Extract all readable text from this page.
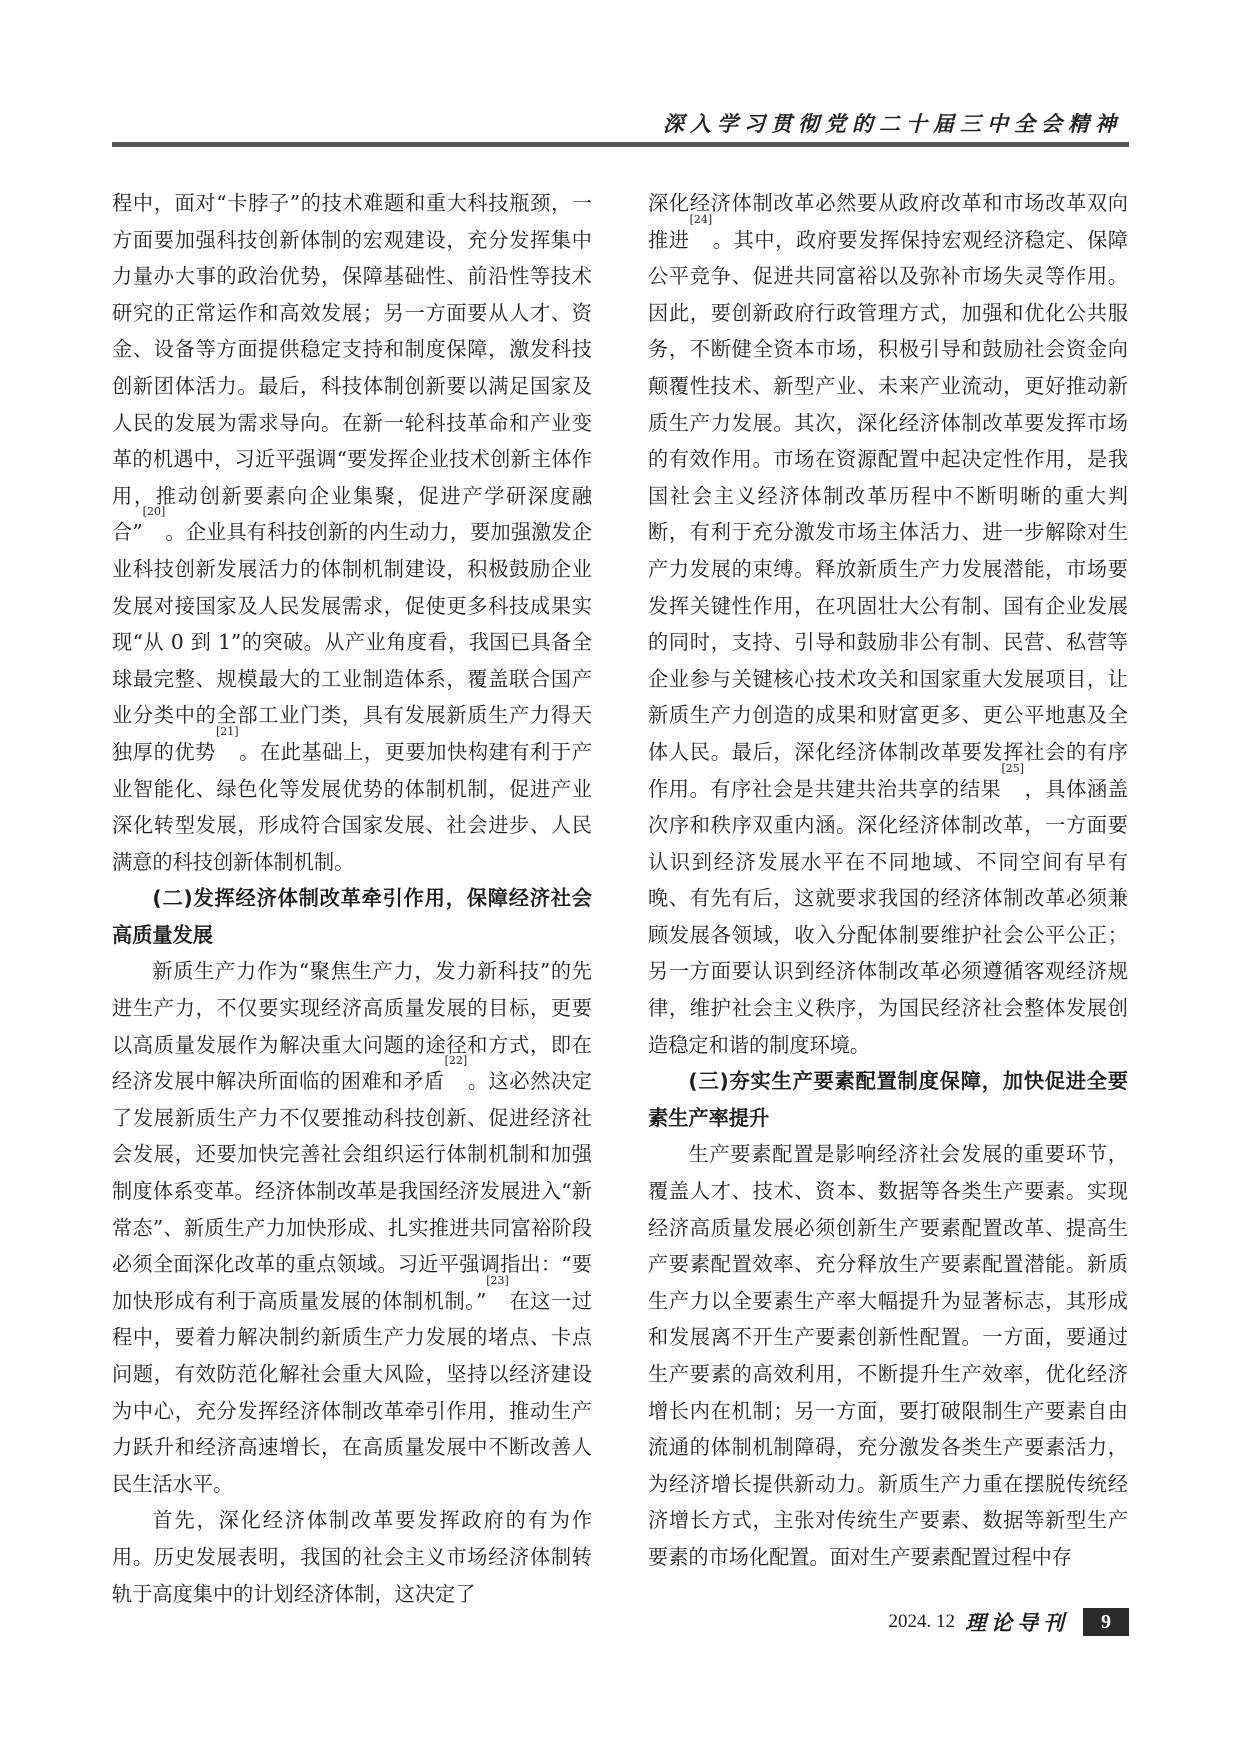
深入学习贯彻党的二十届三中全会精神

程中，面对“卡脖子”的技术难题和重大科技瓶颈，一方面要加强科技创新体制的宏观建设，充分发挥集中力量办大事的政治优势，保障基础性、前沿性等技术研究的正常运作和高效发展；另一方面要从人才、资金、设备等方面提供稳定支持和制度保障，激发科技创新团体活力。最后，科技体制创新要以满足国家及人民的发展为需求导向。在新一轮科技革命和产业变革的机遇中，习近平强调“要发挥企业技术创新主体作用，推动创新要素向企业集聚，促进产学研深度融合”[20]。企业具有科技创新的内生动力，要加强激发企业科技创新发展活力的体制机制建设，积极鼓励企业发展对接国家及人民发展需求，促使更多科技成果实现“从 0 到 1”的突破。从产业角度看，我国已具备全球最完整、规模最大的工业制造体系，覆盖联合国产业分类中的全部工业门类，具有发展新质生产力得天独厚的优势[21]。在此基础上，更要加快构建有利于产业智能化、绿色化等发展优势的体制机制，促进产业深化转型发展，形成符合国家发展、社会进步、人民满意的科技创新体制机制。

(二)发挥经济体制改革牵引作用，保障经济社会高质量发展

新质生产力作为“聚焦生产力，发力新科技”的先进生产力，不仅要实现经济高质量发展的目标，更要以高质量发展作为解决重大问题的途径和方式，即在经济发展中解决所面临的困难和矛盾[22]。这必然决定了发展新质生产力不仅要推动科技创新、促进经济社会发展，还要加快完善社会组织运行体制机制和加强制度体系变革。经济体制改革是我国经济发展进入“新常态”、新质生产力加快形成、扎实推进共同富裕阶段必须全面深化改革的重点领域。习近平强调指出：“要加快形成有利于高质量发展的体制机制。”[23]在这一过程中，要着力解决制约新质生产力发展的堵点、卡点问题，有效防范化解社会重大风险，坚持以经济建设为中心，充分发挥经济体制改革牵引作用，推动生产力跃升和经济高速增长，在高质量发展中不断改善人民生活水平。

首先，深化经济体制改革要发挥政府的有为作用。历史发展表明，我国的社会主义市场经济体制转轨于高度集中的计划经济体制，这决定了

深化经济体制改革必然要从政府改革和市场改革双向推进[24]。其中，政府要发挥保持宏观经济稳定、保障公平竞争、促进共同富裕以及弥补市场失灵等作用。因此，要创新政府行政管理方式，加强和优化公共服务，不断健全资本市场，积极引导和鼓励社会资金向颠覆性技术、新型产业、未来产业流动，更好推动新质生产力发展。其次，深化经济体制改革要发挥市场的有效作用。市场在资源配置中起决定性作用，是我国社会主义经济体制改革历程中不断明晰的重大判断，有利于充分激发市场主体活力、进一步解除对生产力发展的束缚。释放新质生产力发展潜能，市场要发挥关键性作用，在巩固壮大公有制、国有企业发展的同时，支持、引导和鼓励非公有制、民营、私营等企业参与关键核心技术攻关和国家重大发展项目，让新质生产力创造的成果和财富更多、更公平地惠及全体人民。最后，深化经济体制改革要发挥社会的有序作用。有序社会是共建共治共享的结果[25]，具体涵盖次序和秩序双重内涵。深化经济体制改革，一方面要认识到经济发展水平在不同地域、不同空间有早有晚、有先有后，这就要求我国的经济体制改革必须兼顾发展各领域，收入分配体制要维护社会公平公正；另一方面要认识到经济体制改革必须遵循客观经济规律，维护社会主义秩序，为国民经济社会整体发展创造稳定和谐的制度环境。

(三)夯实生产要素配置制度保障，加快促进全要素生产率提升

生产要素配置是影响经济社会发展的重要环节，覆盖人才、技术、资本、数据等各类生产要素。实现经济高质量发展必须创新生产要素配置改革、提高生产要素配置效率、充分释放生产要素配置潜能。新质生产力以全要素生产率大幅提升为显著标志，其形成和发展离不开生产要素创新性配置。一方面，要通过生产要素的高效利用，不断提升生产效率，优化经济增长内在机制；另一方面，要打破限制生产要素自由流通的体制机制障碍，充分激发各类生产要素活力，为经济增长提供新动力。新质生产力重在摆脱传统经济增长方式，主张对传统生产要素、数据等新型生产要素的市场化配置。面对生产要素配置过程中存

2024. 12 理论导刊	9
